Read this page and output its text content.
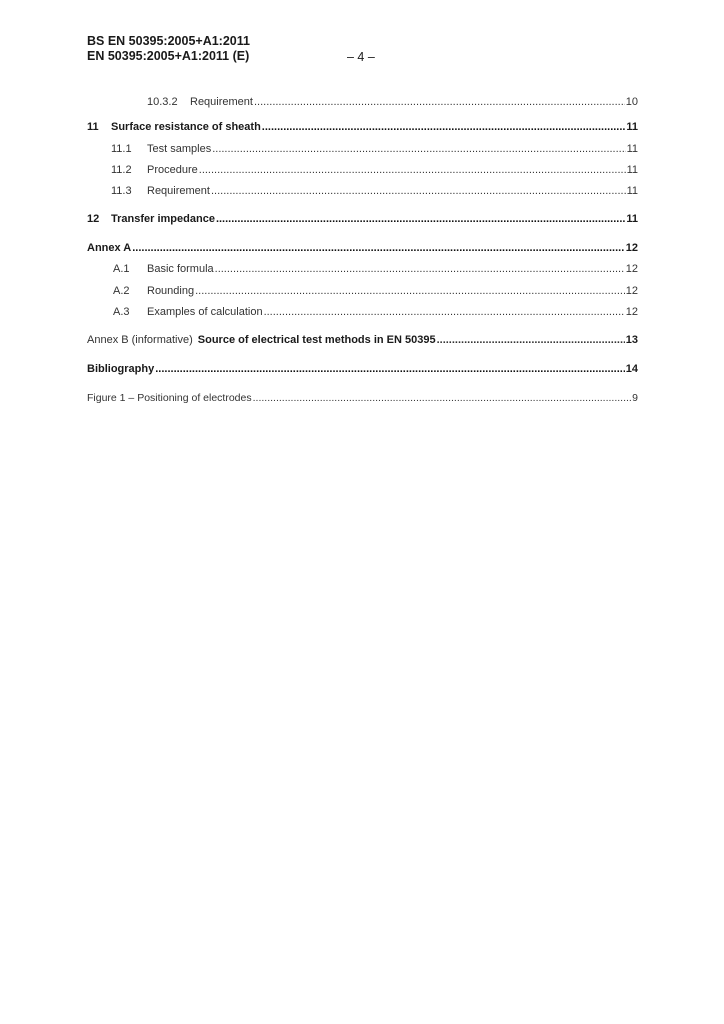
BS EN 50395:2005+A1:2011
EN 50395:2005+A1:2011 (E)	– 4 –
10.3.2	Requirement .....	10
11	Surface resistance of sheath .....	11
11.1	Test samples .....	11
11.2	Procedure .....	11
11.3	Requirement .....	11
12	Transfer impedance .....	11
Annex A .....	12
A.1	Basic formula .....	12
A.2	Rounding .....	12
A.3	Examples of calculation .....	12
Annex B (informative) Source of electrical test methods in EN 50395 .....	13
Bibliography .....	14
Figure 1 – Positioning of electrodes .....	9
